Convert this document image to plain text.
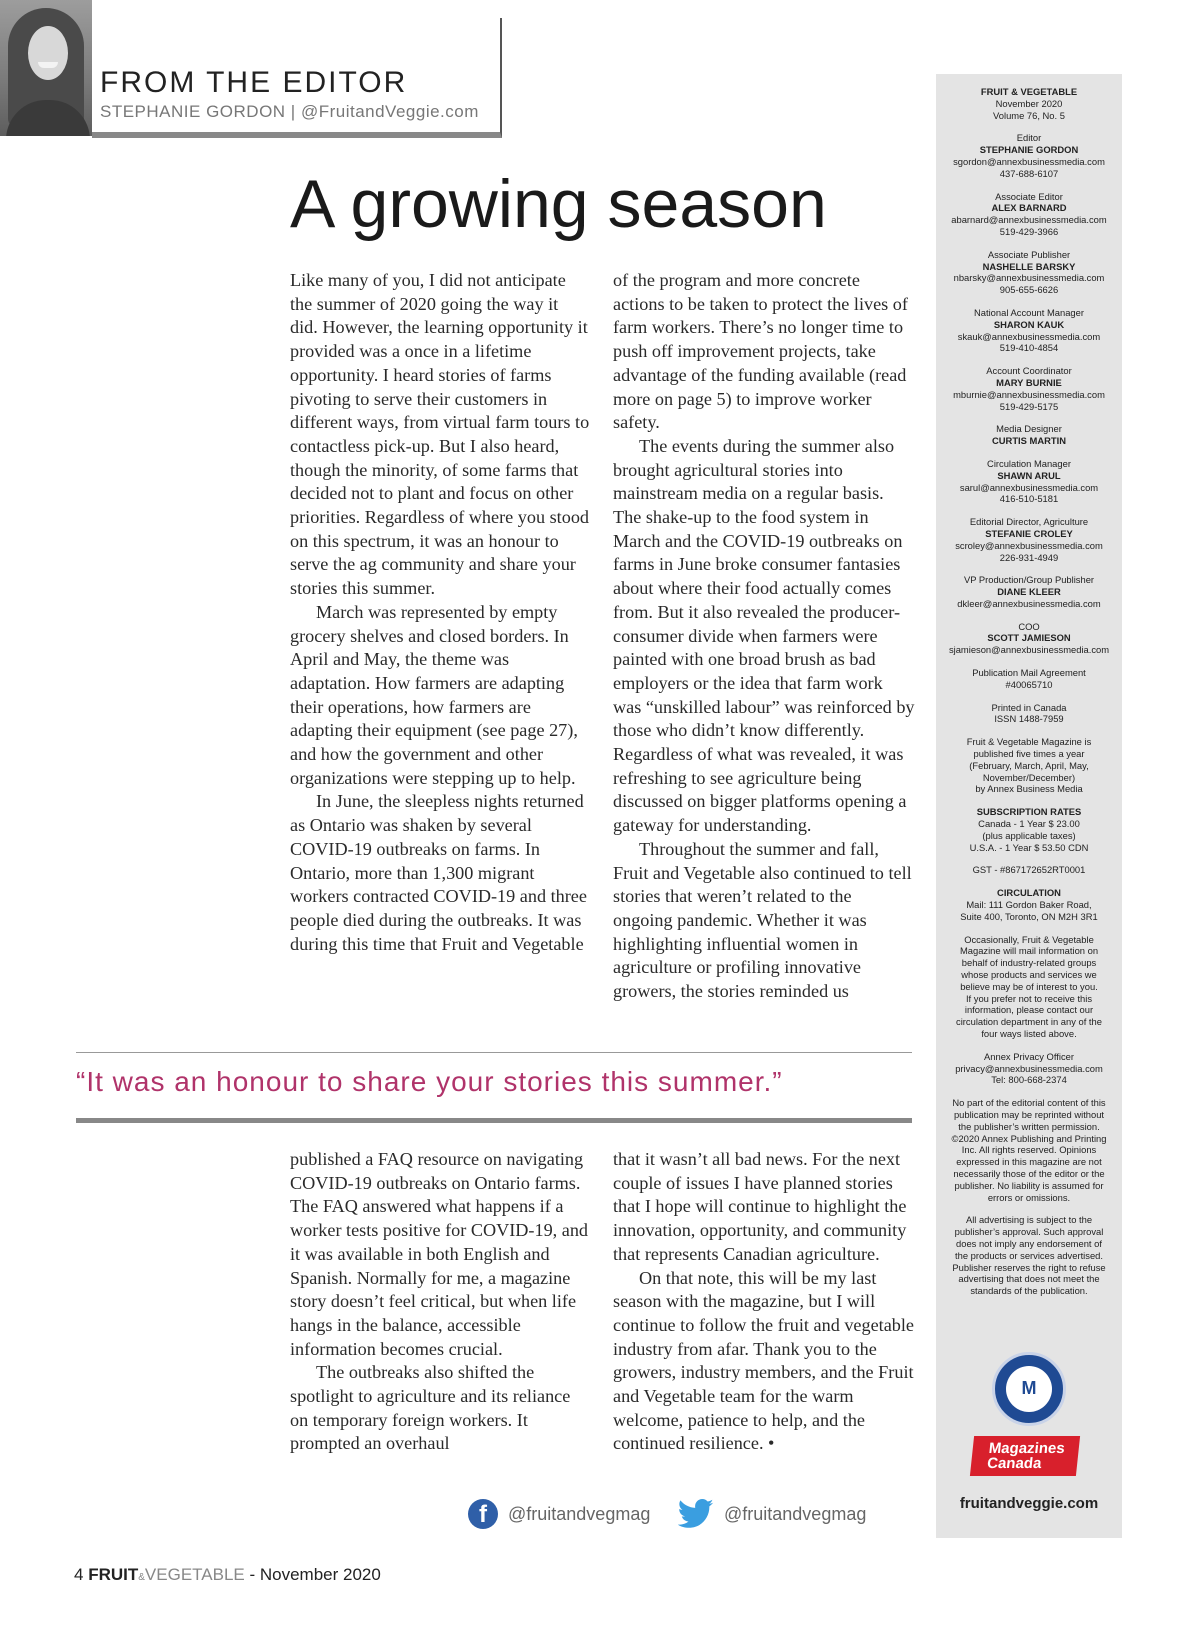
FROM THE EDITOR
STEPHANIE GORDON | @FruitandVeggie.com
A growing season

Like many of you, I did not anticipate the summer of 2020 going the way it did. However, the learning opportunity it provided was a once in a lifetime opportunity. I heard stories of farms pivoting to serve their customers in different ways, from virtual farm tours to contactless pick-up. But I also heard, though the minority, of some farms that decided not to plant and focus on other priorities. Regardless of where you stood on this spectrum, it was an honour to serve the ag community and share your stories this summer.

March was represented by empty grocery shelves and closed borders. In April and May, the theme was adaptation. How farmers are adapting their operations, how farmers are adapting their equipment (see page 27), and how the government and other organizations were stepping up to help.

In June, the sleepless nights returned as Ontario was shaken by several COVID-19 outbreaks on farms. In Ontario, more than 1,300 migrant workers contracted COVID-19 and three people died during the outbreaks. It was during this time that Fruit and Vegetable

of the program and more concrete actions to be taken to protect the lives of farm workers. There’s no longer time to push off improvement projects, take advantage of the funding available (read more on page 5) to improve worker safety.

The events during the summer also brought agricultural stories into mainstream media on a regular basis. The shake-up to the food system in March and the COVID-19 outbreaks on farms in June broke consumer fantasies about where their food actually comes from. But it also revealed the producer-consumer divide when farmers were painted with one broad brush as bad employers or the idea that farm work was “unskilled labour” was reinforced by those who didn’t know differently. Regardless of what was revealed, it was refreshing to see agriculture being discussed on bigger platforms opening a gateway for understanding.

Throughout the summer and fall, Fruit and Vegetable also continued to tell stories that weren’t related to the ongoing pandemic. Whether it was highlighting influential women in agriculture or profiling innovative growers, the stories reminded us

“It was an honour to share your stories this summer.”

published a FAQ resource on navigating COVID-19 outbreaks on Ontario farms. The FAQ answered what happens if a worker tests positive for COVID-19, and it was available in both English and Spanish. Normally for me, a magazine story doesn’t feel critical, but when life hangs in the balance, accessible information becomes crucial.

The outbreaks also shifted the spotlight to agriculture and its reliance on temporary foreign workers. It prompted an overhaul

that it wasn’t all bad news. For the next couple of issues I have planned stories that I hope will continue to highlight the innovation, opportunity, and community that represents Canadian agriculture.

On that note, this will be my last season with the magazine, but I will continue to follow the fruit and vegetable industry from afar. Thank you to the growers, industry members, and the Fruit and Vegetable team for the warm welcome, patience to help, and the continued resilience. •

f	@fruitandvegmag	@fruitandvegmag
4 FRUIT&VEGETABLE - November 2020
FRUIT & VEGETABLE
November 2020
Volume 76, No. 5
Editor
STEPHANIE GORDON
sgordon@annexbusinessmedia.com
437-688-6107
Associate Editor
ALEX BARNARD
abarnard@annexbusinessmedia.com
519-429-3966
Associate Publisher
NASHELLE BARSKY
nbarsky@annexbusinessmedia.com
905-655-6626
National Account Manager
SHARON KAUK
skauk@annexbusinessmedia.com
519-410-4854
Account Coordinator
MARY BURNIE
mburnie@annexbusinessmedia.com
519-429-5175
Media Designer
CURTIS MARTIN
Circulation Manager
SHAWN ARUL
sarul@annexbusinessmedia.com
416-510-5181
Editorial Director, Agriculture
STEFANIE CROLEY
scroley@annexbusinessmedia.com
226-931-4949
VP Production/Group Publisher
DIANE KLEER
dkleer@annexbusinessmedia.com
COO
SCOTT JAMIESON
sjamieson@annexbusinessmedia.com
Publication Mail Agreement
#40065710
Printed in Canada
ISSN 1488-7959
Fruit & Vegetable Magazine is
published five times a year
(February, March, April, May,
November/December)
by Annex Business Media
SUBSCRIPTION RATES
Canada - 1 Year $ 23.00
(plus applicable taxes)
U.S.A. - 1 Year $ 53.50 CDN
GST - #867172652RT0001
CIRCULATION
Mail: 111 Gordon Baker Road,
Suite 400, Toronto, ON M2H 3R1
Occasionally, Fruit & Vegetable
Magazine will mail information on
behalf of industry-related groups
whose products and services we
believe may be of interest to you.
If you prefer not to receive this
information, please contact our
circulation department in any of the
four ways listed above.
Annex Privacy Officer
privacy@annexbusinessmedia.com
Tel: 800-668-2374
No part of the editorial content of this
publication may be reprinted without
the publisher’s written permission.
©2020 Annex Publishing and Printing
Inc. All rights reserved. Opinions
expressed in this magazine are not
necessarily those of the editor or the
publisher. No liability is assumed for
errors or omissions.
All advertising is subject to the
publisher’s approval. Such approval
does not imply any endorsement of
the products or services advertised.
Publisher reserves the right to refuse
advertising that does not meet the
standards of the publication.
M
Magazines
Canada
fruitandveggie.com
